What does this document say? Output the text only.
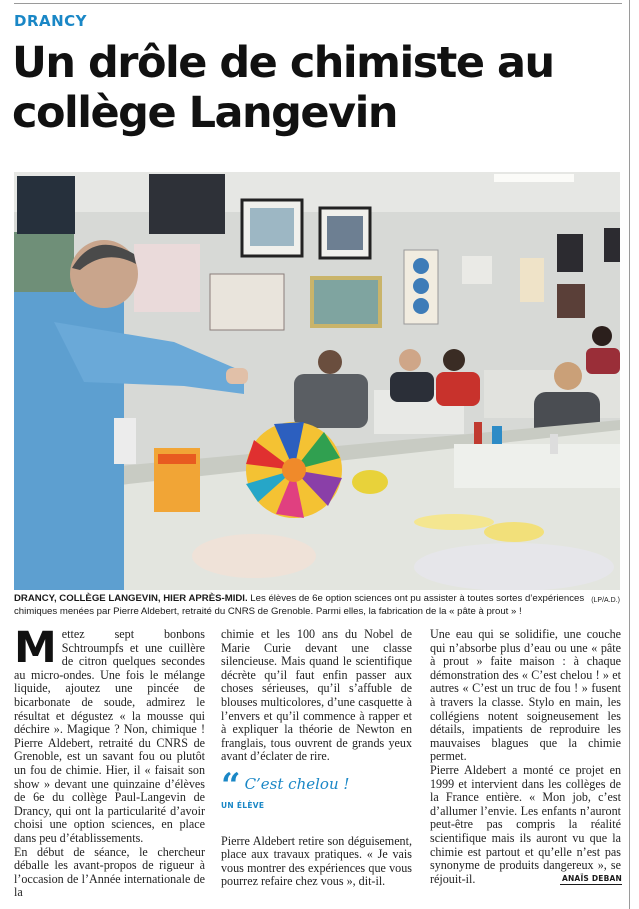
DRANCY
Un drôle de chimiste au collège Langevin
(LP/A.D.)
DRANCY, COLLÈGE LANGEVIN, HIER APRÈS-MIDI. Les élèves de 6e option sciences ont pu assister à toutes sortes d’expériences chimiques menées par Pierre Aldebert, retraité du CNRS de Grenoble. Parmi elles, la fabrication de la « pâte à prout » !

Mettez sept bonbons Schtroumpfs et une cuillère de citron quelques secondes au micro-ondes. Une fois le mélange liquide, ajoutez une pincée de bicarbonate de soude, admirez le résultat et dégustez « la mousse qui déchire ». Magique ? Non, chimique ! Pierre Aldebert, retraité du CNRS de Grenoble, est un savant fou ou plutôt un fou de chimie. Hier, il « faisait son show » devant une quinzaine d’élèves de 6e du collège Paul-Langevin de Drancy, qui ont la particularité d’avoir choisi une option sciences, en place dans peu d’établissements.

En début de séance, le chercheur déballe les avant-propos de rigueur à l’occasion de l’Année internationale de la

chimie et les 100 ans du Nobel de Marie Curie devant une classe silencieuse. Mais quand le scientifique décrète qu’il faut enfin passer aux choses sérieuses, qu’il s’affuble de blouses multicolores, d’une casquette à l’envers et qu’il commence à rapper et à expliquer la théorie de Newton en franglais, tous ouvrent de grands yeux avant d’éclater de rire.

“ C’est chelou !
UN ÉLÈVE

Pierre Aldebert retire son déguisement, place aux travaux pratiques. « Je vais vous montrer des expériences que vous pourrez refaire chez vous », dit-il.

Une eau qui se solidifie, une couche qui n’absorbe plus d’eau ou une « pâte à prout » faite maison : à chaque démonstration des « C’est chelou ! » et autres « C’est un truc de fou ! » fusent à travers la classe. Stylo en main, les collégiens notent soigneusement les détails, impatients de reproduire les mauvaises blagues que la chimie permet.

Pierre Aldebert a monté ce projet en 1999 et intervient dans les collèges de la France entière. « Mon job, c’est d’allumer l’envie. Les enfants n’auront peut-être pas compris la réalité scientifique mais ils auront vu que la chimie est partout et qu’elle n’est pas synonyme de produits dangereux », se réjouit-il.	ANAÏS DEBAN
